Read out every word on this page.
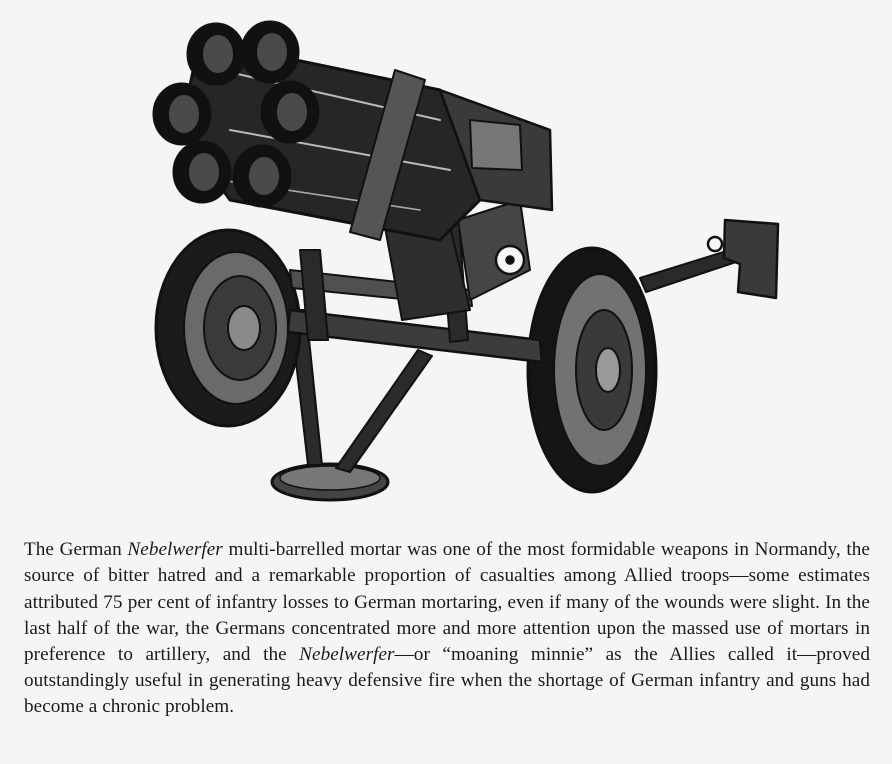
The German Nebelwerfer multi-barrelled mortar was one of the most formidable weapons in Normandy, the source of bitter hatred and a remarkable proportion of casualties among Allied troops—some estimates attributed 75 per cent of infantry losses to German mortaring, even if many of the wounds were slight. In the last half of the war, the Germans concentrated more and more attention upon the massed use of mortars in preference to artillery, and the Nebelwerfer—or “moaning minnie” as the Allies called it—proved outstandingly useful in generating heavy defensive fire when the shortage of German infantry and guns had become a chronic problem.
